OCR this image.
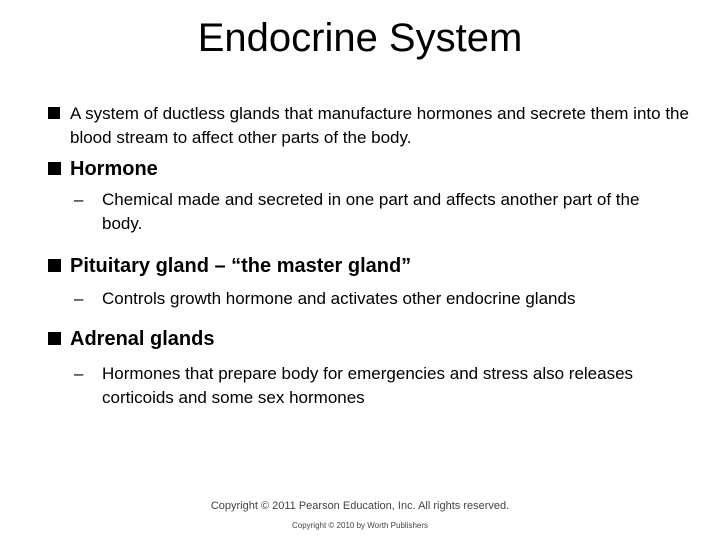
Endocrine System
A system of ductless glands that manufacture hormones and secrete them into the blood stream to affect other parts of the body.
Hormone
– Chemical made and secreted in one part and affects another part of the body.
Pituitary gland – “the master gland”
– Controls growth hormone and activates other endocrine glands
Adrenal glands
– Hormones that prepare body for emergencies and stress also releases corticoids and some sex hormones
Copyright © 2011 Pearson Education, Inc. All rights reserved.
Copyright © 2010 by Worth Publishers
